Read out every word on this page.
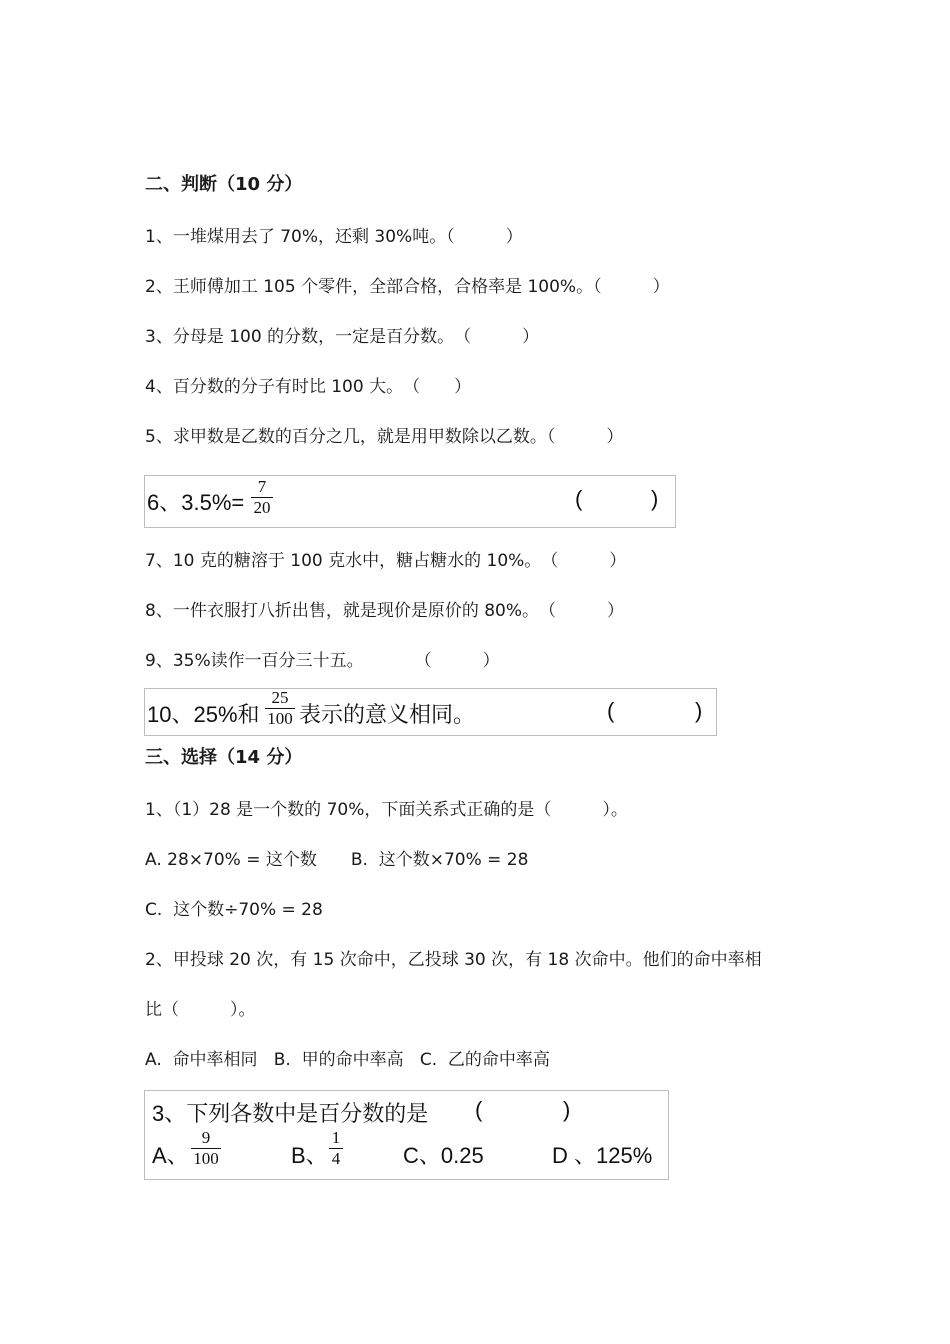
二、判断（10 分）
1、一堆煤用去了 70%，还剩 30%吨。（　　　）
2、王师傅加工 105 个零件，全部合格，合格率是 100%。（　　　）
3、分母是 100 的分数，一定是百分数。　（　　　）
4、百分数的分子有时比 100 大。　（　　）
5、求甲数是乙数的百分之几，就是用甲数除以乙数。（　　　）
6、3.5%=
7
20	(	)
7、10 克的糖溶于 100 克水中，糖占糖水的 10%。　（　　　）
8、一件衣服打八折出售，就是现价是原价的 80%。　（　　　）
9、35%读作一百分三十五。　　　　（　　　）
10、25%和
25
100 表示的意义相同。	(	)
三、选择（14 分）
1、（1）28 是一个数的 70%，下面关系式正确的是（　　　）。
A. 28×70% = 这个数　　B.  这个数×70% = 28
C.  这个数÷70% = 28
2、甲投球 20 次，有 15 次命中，乙投球 30 次，有 18 次命中。他们的命中率相
比（　　　）。
A.  命中率相同   B.  甲的命中率高   C.  乙的命中率高
3、下列各数中是百分数的是 (	)
A、
9
100	B、
1
4	C、0.25	D 、125%
